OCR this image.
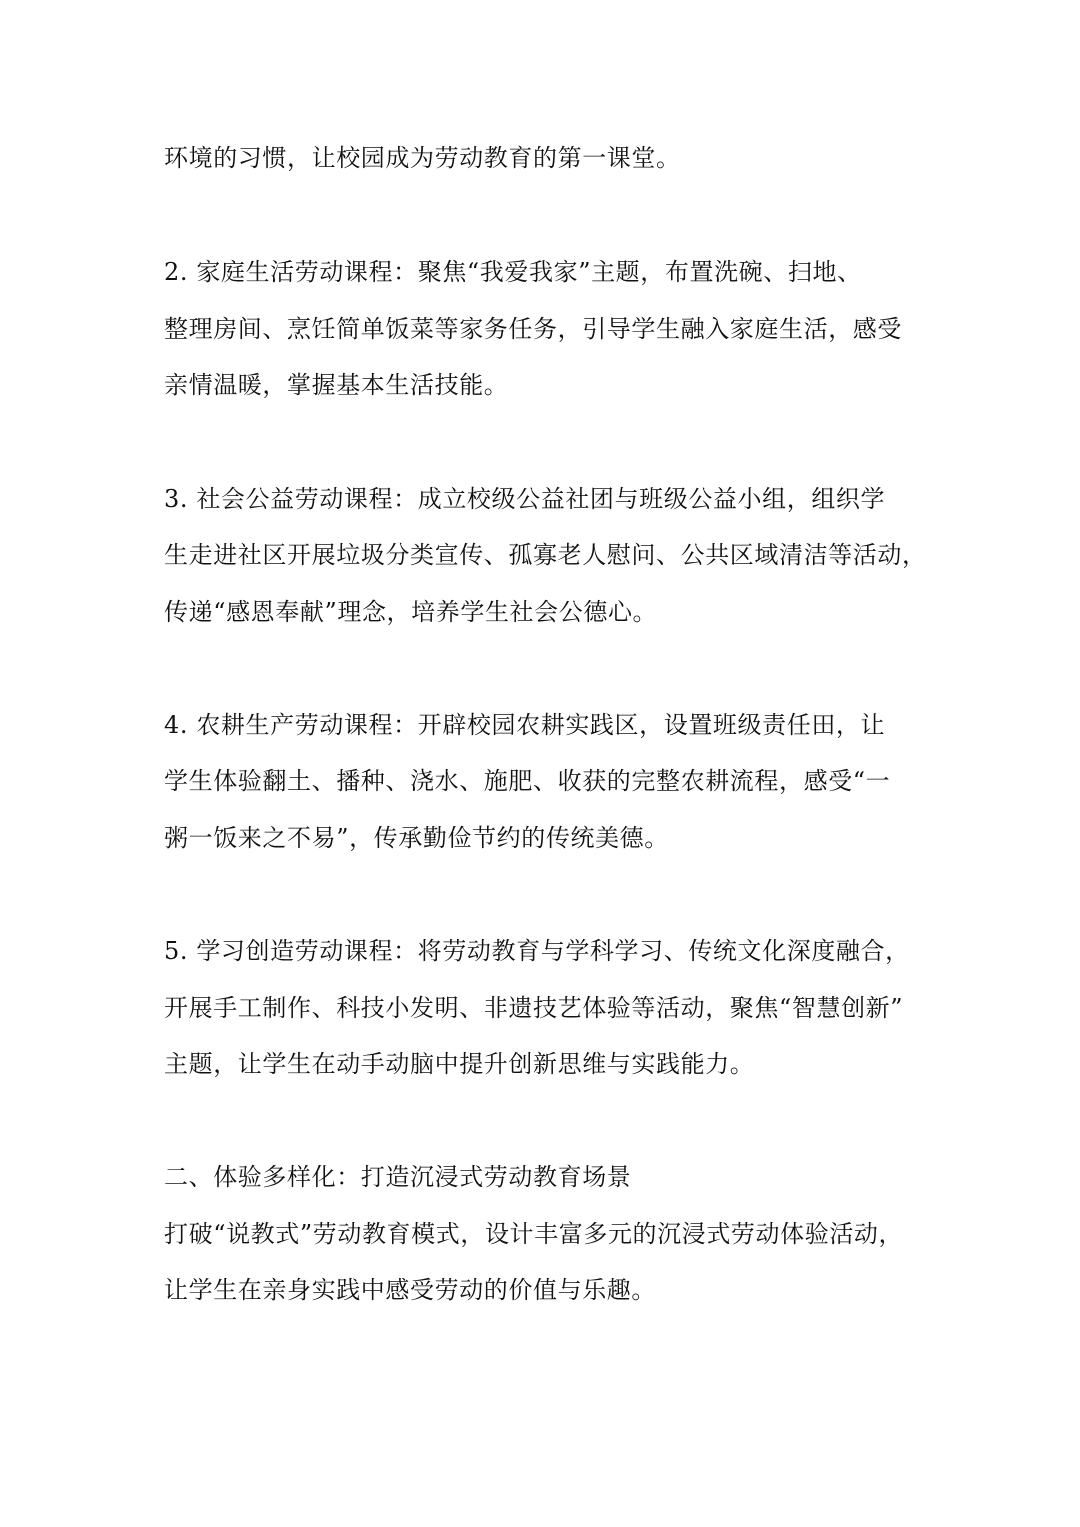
环境的习惯，让校园成为劳动教育的第一课堂。
2. 家庭生活劳动课程：聚焦“我爱我家”主题，布置洗碗、扫地、
整理房间、烹饪简单饭菜等家务任务，引导学生融入家庭生活，感受
亲情温暖，掌握基本生活技能。
3. 社会公益劳动课程：成立校级公益社团与班级公益小组，组织学
生走进社区开展垃圾分类宣传、孤寡老人慰问、公共区域清洁等活动，
传递“感恩奉献”理念，培养学生社会公德心。
4. 农耕生产劳动课程：开辟校园农耕实践区，设置班级责任田，让
学生体验翻土、播种、浇水、施肥、收获的完整农耕流程，感受“一
粥一饭来之不易”，传承勤俭节约的传统美德。
5. 学习创造劳动课程：将劳动教育与学科学习、传统文化深度融合，
开展手工制作、科技小发明、非遗技艺体验等活动，聚焦“智慧创新”
主题，让学生在动手动脑中提升创新思维与实践能力。
二、体验多样化：打造沉浸式劳动教育场景
打破“说教式”劳动教育模式，设计丰富多元的沉浸式劳动体验活动，
让学生在亲身实践中感受劳动的价值与乐趣。
